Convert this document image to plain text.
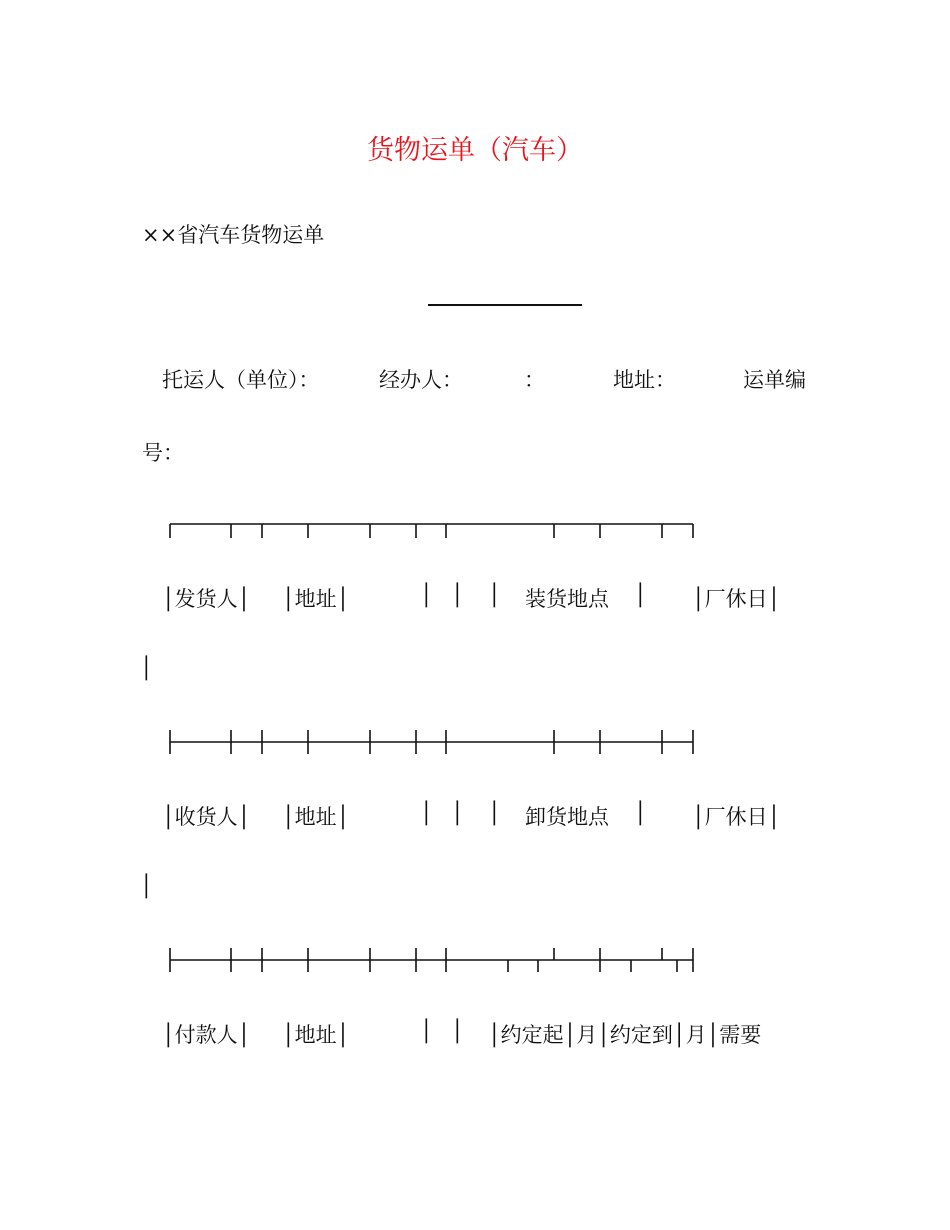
货物运单（汽车）
××省汽车货物运单
托运人（单位）：	经办人：	：	地址：	运单编
号：
│发货人│ │地址│	│ │ │ 装货地点 │ │厂休日│
│
│收货人│ │地址│	│ │ │ 卸货地点 │ │厂休日│
│
│付款人│ │地址│	│ │ │约定起│月│约定到│月│需要
